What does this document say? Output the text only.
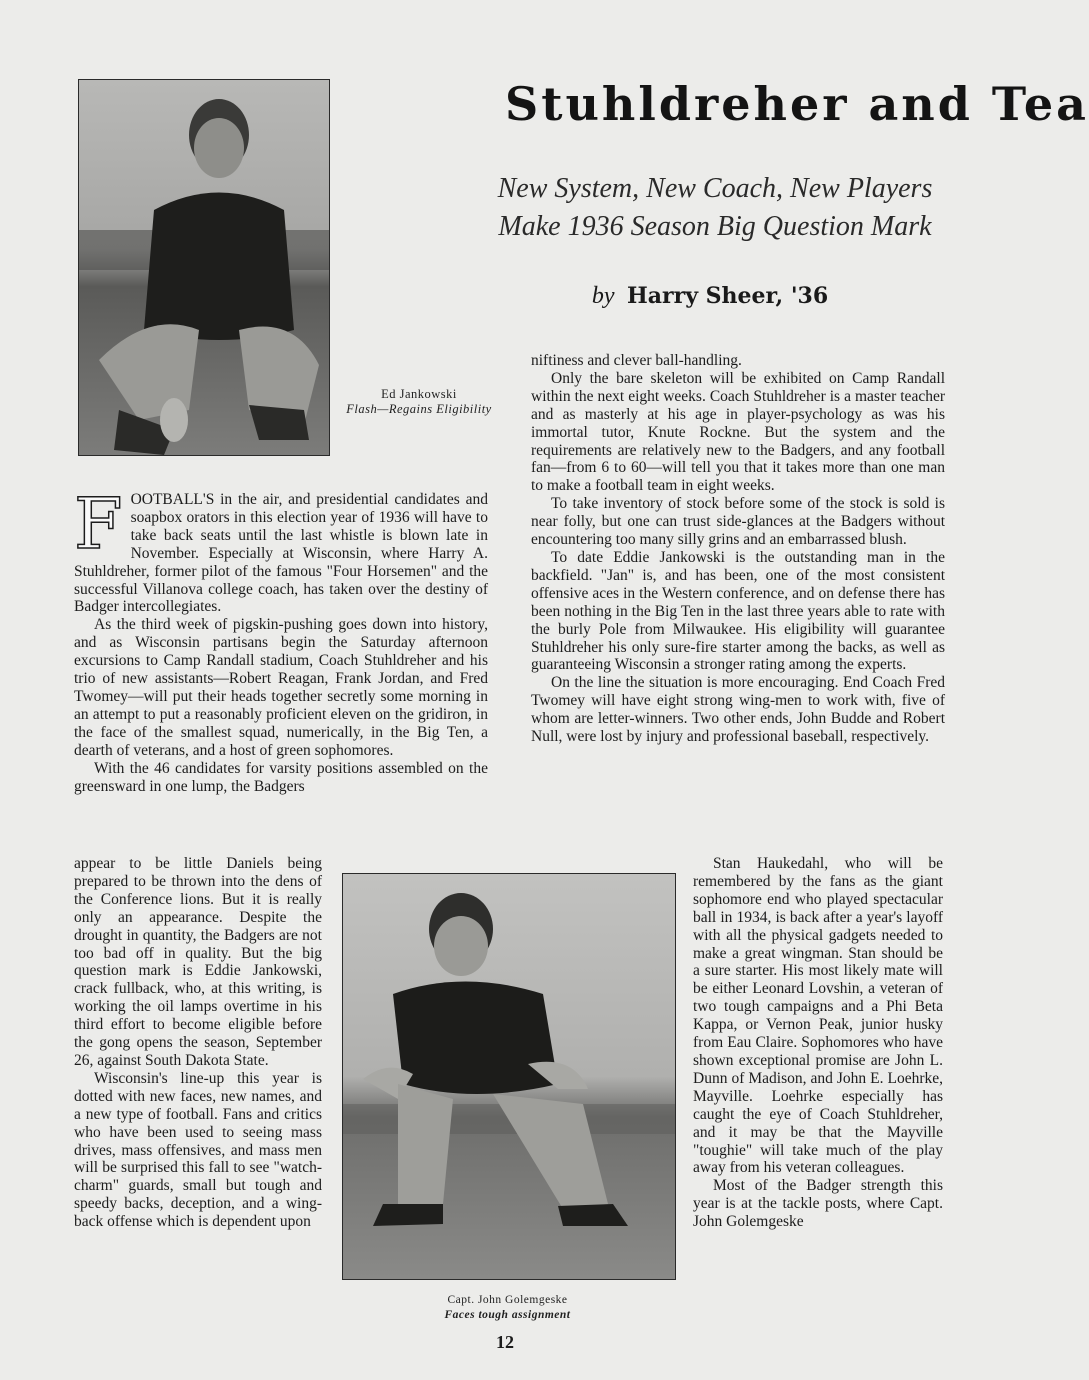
Ed Jankowski
Flash—Regains Eligibility
Stuhldreher and Tea
New System, New Coach, New Players
Make 1936 Season Big Question Mark
by Harry Sheer, '36

FOOTBALL'S in the air, and presidential candidates and soapbox orators in this election year of 1936 will have to take back seats until the last whistle is blown late in November. Especially at Wisconsin, where Harry A. Stuhldreher, former pilot of the famous "Four Horsemen" and the successful Villanova college coach, has taken over the destiny of Badger intercollegiates.

As the third week of pigskin-pushing goes down into history, and as Wisconsin partisans begin the Saturday afternoon excursions to Camp Randall stadium, Coach Stuhldreher and his trio of new assistants—Robert Reagan, Frank Jordan, and Fred Twomey—will put their heads together secretly some morning in an attempt to put a reasonably proficient eleven on the gridiron, in the face of the smallest squad, numerically, in the Big Ten, a dearth of veterans, and a host of green sophomores.

With the 46 candidates for varsity positions assembled on the greensward in one lump, the Badgers

appear to be little Daniels being prepared to be thrown into the dens of the Conference lions. But it is really only an appearance. Despite the drought in quantity, the Badgers are not too bad off in quality. But the big question mark is Eddie Jankowski, crack fullback, who, at this writing, is working the oil lamps overtime in his third effort to become eligible before the gong opens the season, September 26, against South Dakota State.

Wisconsin's line-up this year is dotted with new faces, new names, and a new type of football. Fans and critics who have been used to seeing mass drives, mass offensives, and mass men will be surprised this fall to see "watch-charm" guards, small but tough and speedy backs, deception, and a wing-back offense which is dependent upon

niftiness and clever ball-handling.

Only the bare skeleton will be exhibited on Camp Randall within the next eight weeks. Coach Stuhldreher is a master teacher and as masterly at his age in player-psychology as was his immortal tutor, Knute Rockne. But the system and the requirements are relatively new to the Badgers, and any football fan—from 6 to 60—will tell you that it takes more than one man to make a football team in eight weeks.

To take inventory of stock before some of the stock is sold is near folly, but one can trust side-glances at the Badgers without encountering too many silly grins and an embarrassed blush.

To date Eddie Jankowski is the outstanding man in the backfield. "Jan" is, and has been, one of the most consistent offensive aces in the Western conference, and on defense there has been nothing in the Big Ten in the last three years able to rate with the burly Pole from Milwaukee. His eligibility will guarantee Stuhldreher his only sure-fire starter among the backs, as well as guaranteeing Wisconsin a stronger rating among the experts.

On the line the situation is more encouraging. End Coach Fred Twomey will have eight strong wing-men to work with, five of whom are letter-winners. Two other ends, John Budde and Robert Null, were lost by injury and professional baseball, respectively.

Capt. John Golemgeske
Faces tough assignment

Stan Haukedahl, who will be remembered by the fans as the giant sophomore end who played spectacular ball in 1934, is back after a year's layoff with all the physical gadgets needed to make a great wingman. Stan should be a sure starter. His most likely mate will be either Leonard Lovshin, a veteran of two tough campaigns and a Phi Beta Kappa, or Vernon Peak, junior husky from Eau Claire. Sophomores who have shown exceptional promise are John L. Dunn of Madison, and John E. Loehrke, Mayville. Loehrke especially has caught the eye of Coach Stuhldreher, and it may be that the Mayville "toughie" will take much of the play away from his veteran colleagues.

Most of the Badger strength this year is at the tackle posts, where Capt. John Golemgeske

12
